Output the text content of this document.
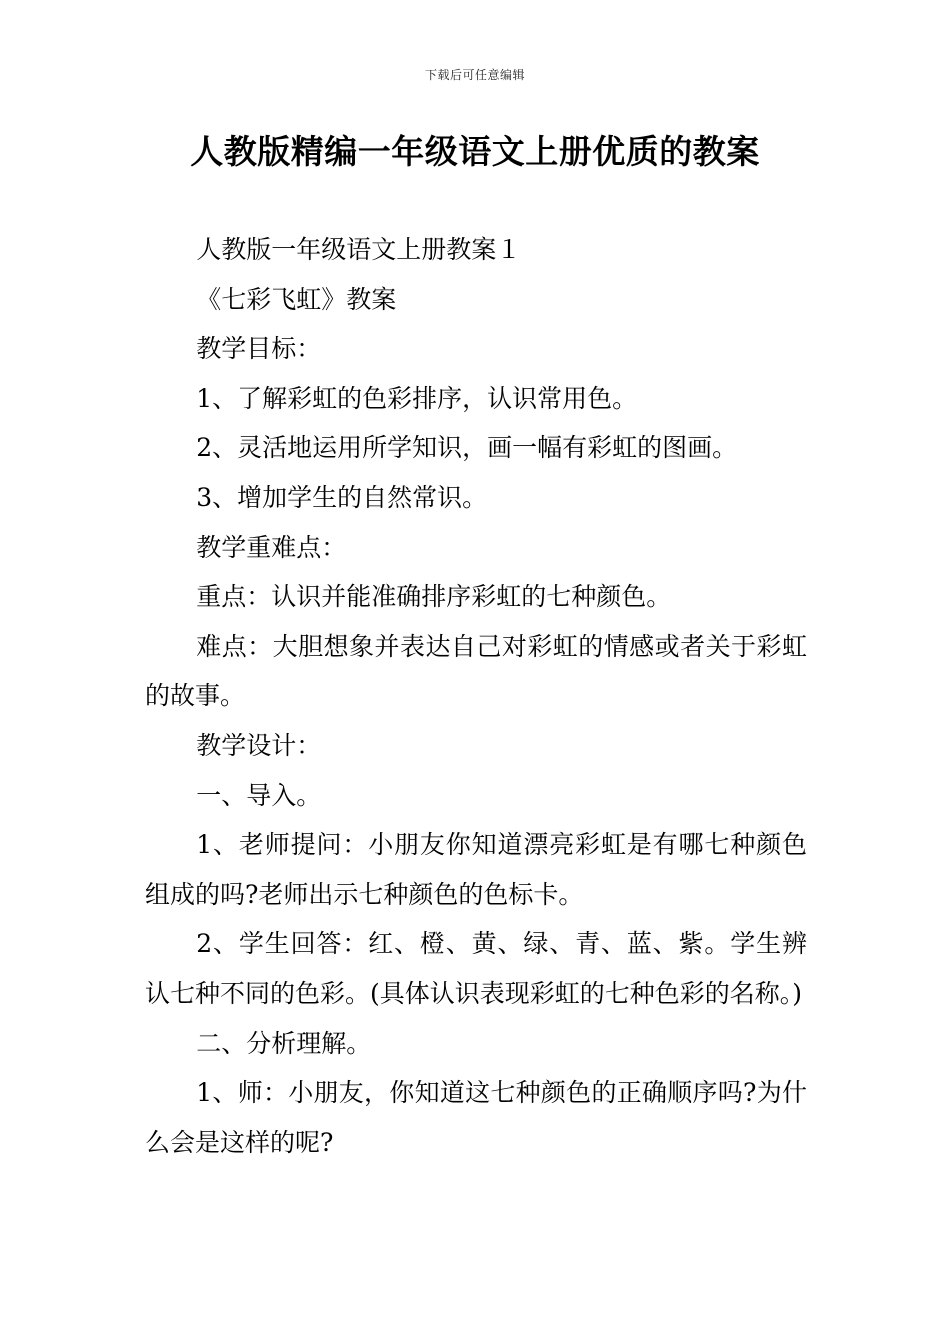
下载后可任意编辑
人教版精编一年级语文上册优质的教案

人教版一年级语文上册教案１

《七彩飞虹》教案

教学目标：

1、了解彩虹的色彩排序，认识常用色。

2、灵活地运用所学知识，画一幅有彩虹的图画。

3、增加学生的自然常识。

教学重难点：

重点：认识并能准确排序彩虹的七种颜色。

难点：大胆想象并表达自己对彩虹的情感或者关于彩虹的故事。

教学设计：

一、导入。

1、老师提问：小朋友你知道漂亮彩虹是有哪七种颜色组成的吗?老师出示七种颜色的色标卡。

2、学生回答：红、橙、黄、绿、青、蓝、紫。学生辨认七种不同的色彩。(具体认识表现彩虹的七种色彩的名称。)

二、分析理解。

1、师：小朋友，你知道这七种颜色的正确顺序吗?为什么会是这样的呢?
